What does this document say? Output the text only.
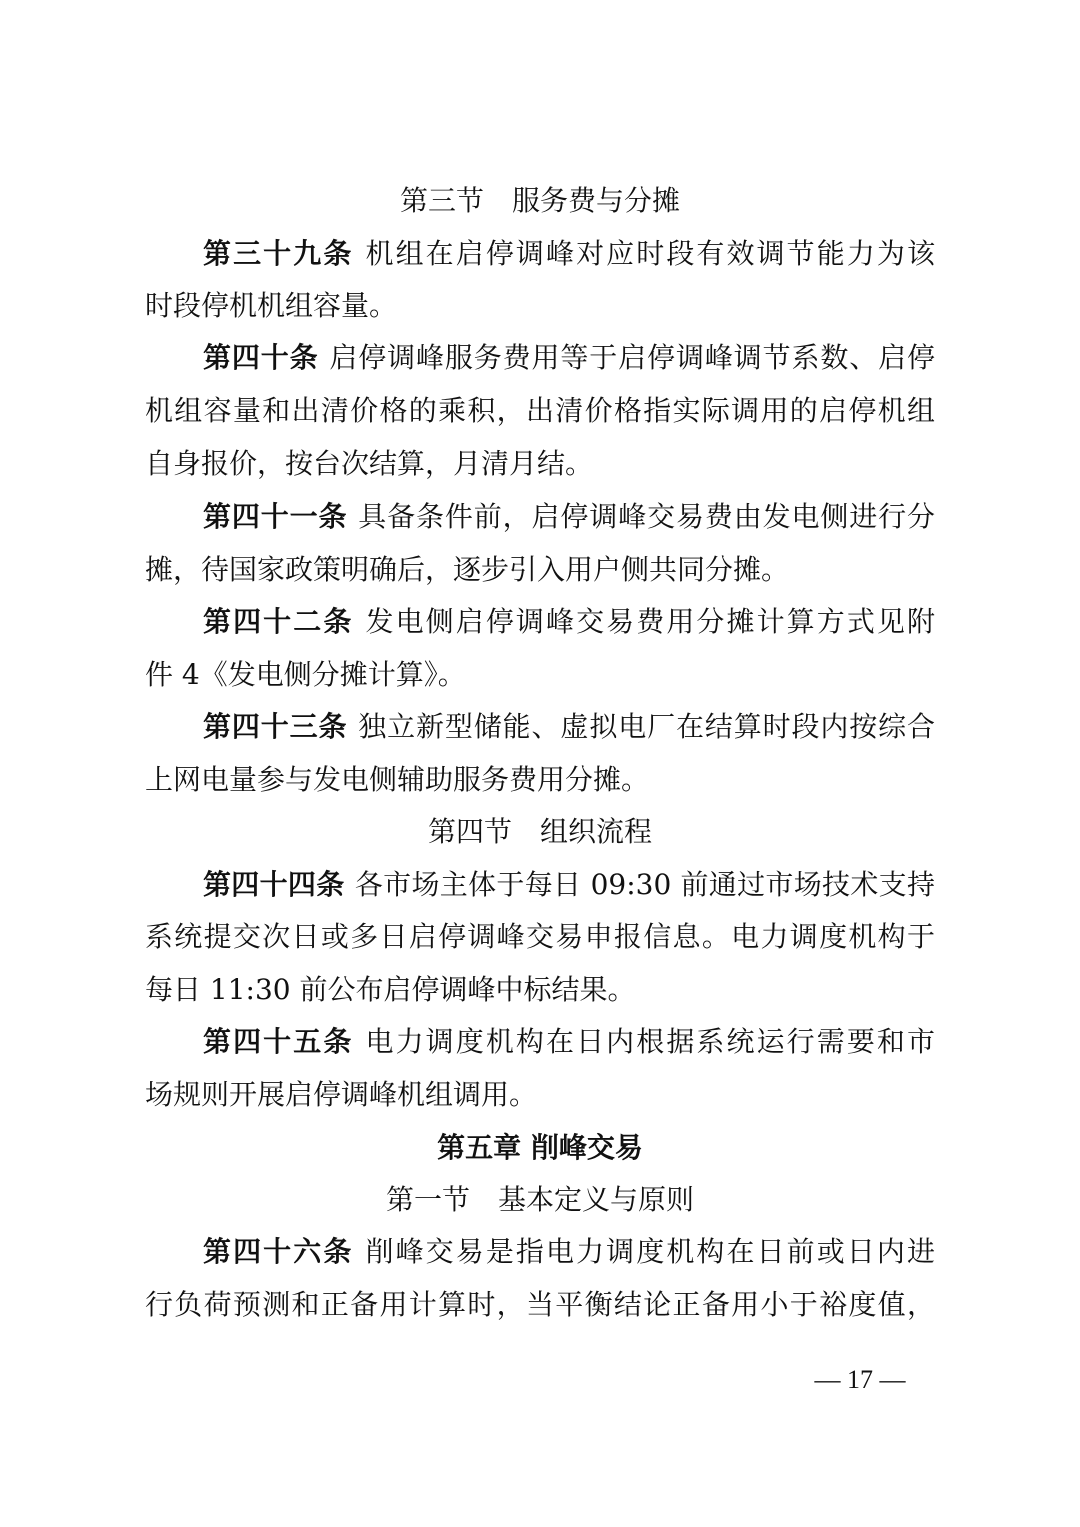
第三节 服务费与分摊
第三十九条 机组在启停调峰对应时段有效调节能力为该
时段停机机组容量。
第四十条 启停调峰服务费用等于启停调峰调节系数、启停
机组容量和出清价格的乘积，出清价格指实际调用的启停机组
自身报价，按台次结算，月清月结。
第四十一条 具备条件前，启停调峰交易费由发电侧进行分
摊，待国家政策明确后，逐步引入用户侧共同分摊。
第四十二条 发电侧启停调峰交易费用分摊计算方式见附
件 4《发电侧分摊计算》。
第四十三条 独立新型储能、虚拟电厂在结算时段内按综合
上网电量参与发电侧辅助服务费用分摊。
第四节 组织流程
第四十四条 各市场主体于每日 09:30 前通过市场技术支持
系统提交次日或多日启停调峰交易申报信息。电力调度机构于
每日 11:30 前公布启停调峰中标结果。
第四十五条 电力调度机构在日内根据系统运行需要和市
场规则开展启停调峰机组调用。
第五章 削峰交易
第一节 基本定义与原则
第四十六条 削峰交易是指电力调度机构在日前或日内进
行负荷预测和正备用计算时，当平衡结论正备用小于裕度值，
— 17 —
